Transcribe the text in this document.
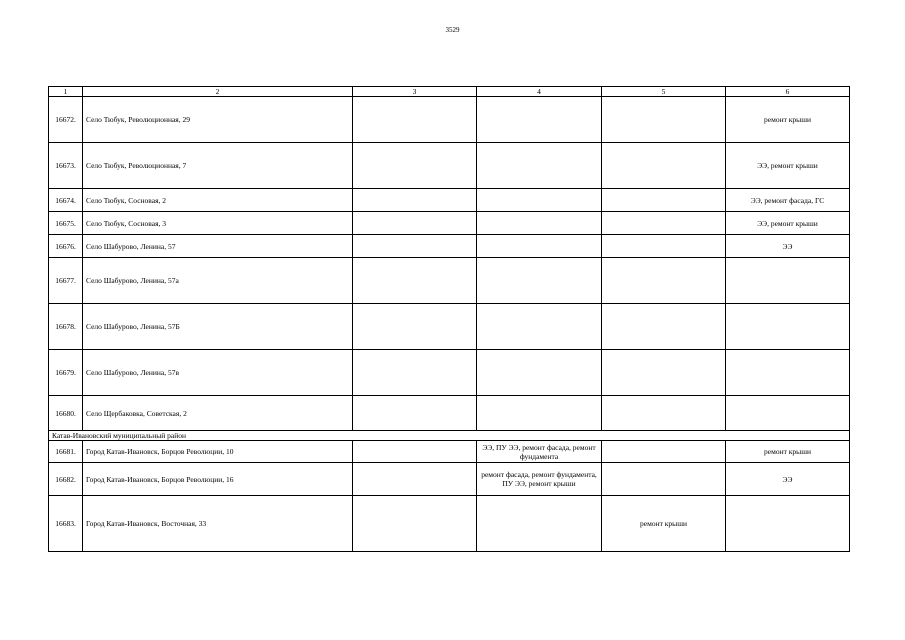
3529
1	2	3	4	5	6
16672.	Село Тюбук, Революционная, 29				ремонт крыши
16673.	Село Тюбук, Революционная, 7				ЭЭ, ремонт крыши
16674.	Село Тюбук, Сосновая, 2				ЭЭ, ремонт фасада, ГС
16675.	Село Тюбук, Сосновая, 3				ЭЭ, ремонт крыши
16676.	Село Шабурово, Ленина, 57				ЭЭ
16677.	Село Шабурово, Ленина, 57а				
16678.	Село Шабурово, Ленина, 57Б				
16679.	Село Шабурово, Ленина, 57в				
16680.	Село Щербаковка, Советская, 2				
Катав-Ивановский муниципальный район					
16681.	Город Катав-Ивановск, Борцов Революции, 10		ЭЭ, ПУ ЭЭ, ремонт фасада, ремонт фундамента		ремонт крыши
16682.	Город Катав-Ивановск, Борцов Революции, 16		ремонт фасада, ремонт фундамента, ПУ ЭЭ, ремонт крыши		ЭЭ
16683.	Город Катав-Ивановск, Восточная, 33			ремонт крыши	
